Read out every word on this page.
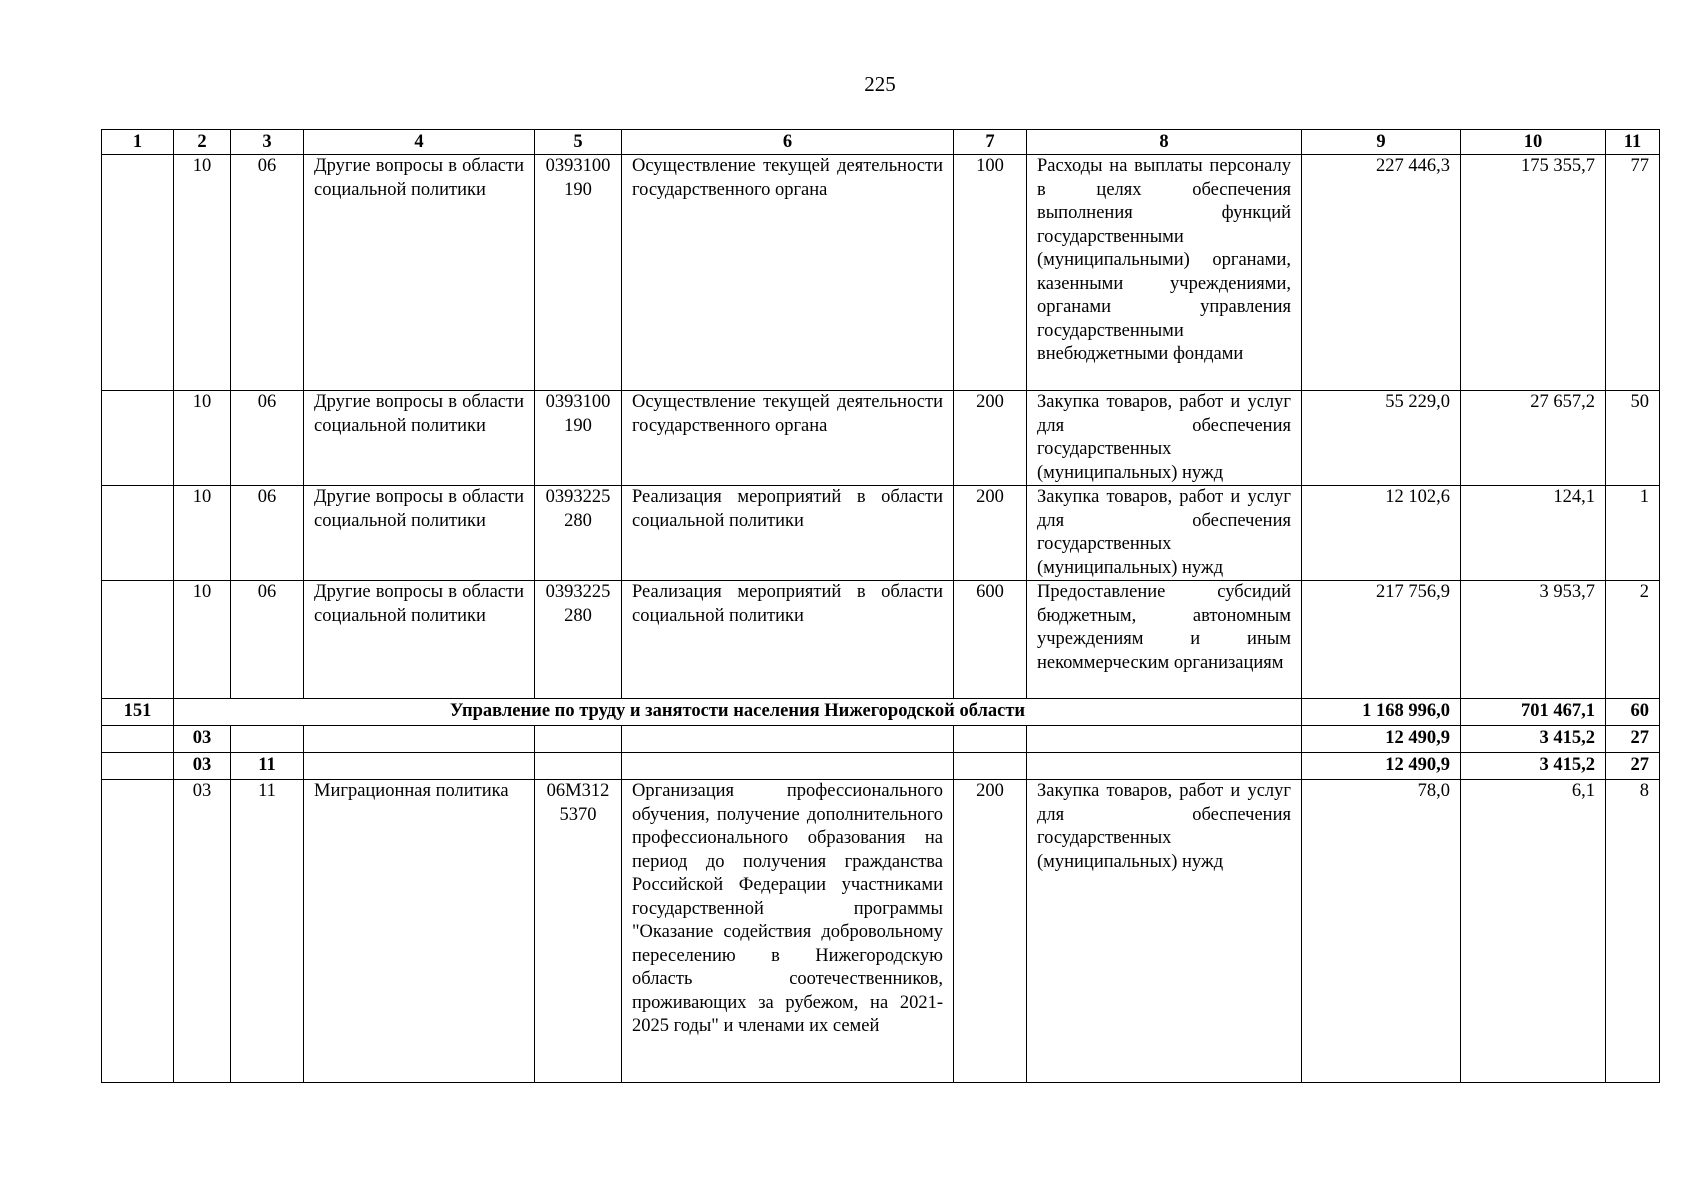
225
1	2	3	4	5	6	7	8	9	10	11
	10	06	Другие вопросы в области социальной политики	0393100190	Осуществление текущей деятельности государственного органа	100	Расходы на выплаты персоналу в целях обеспечения выполнения функций государственными (муниципальными) органами, казенными учреждениями, органами управления государственными внебюджетными фондами	227 446,3	175 355,7	77
	10	06	Другие вопросы в области социальной политики	0393100190	Осуществление текущей деятельности государственного органа	200	Закупка товаров, работ и услуг для обеспечения государственных (муниципальных) нужд	55 229,0	27 657,2	50
	10	06	Другие вопросы в области социальной политики	0393225280	Реализация мероприятий в области социальной политики	200	Закупка товаров, работ и услуг для обеспечения государственных (муниципальных) нужд	12 102,6	124,1	1
	10	06	Другие вопросы в области социальной политики	0393225280	Реализация мероприятий в области социальной политики	600	Предоставление субсидий бюджетным, автономным учреждениям и иным некоммерческим организациям	217 756,9	3 953,7	2
151	Управление по труду и занятости населения Нижегородской области							1 168 996,0	701 467,1	60
	03							12 490,9	3 415,2	27
	03	11						12 490,9	3 415,2	27
	03	11	Миграционная политика	06М3125370	Организация профессионального обучения, получение дополнительного профессионального образования на период до получения гражданства Российской Федерации участниками государственной программы "Оказание содействия добровольному переселению в Нижегородскую область соотечественников, проживающих за рубежом, на 2021-2025 годы" и членами их семей	200	Закупка товаров, работ и услуг для обеспечения государственных (муниципальных) нужд	78,0	6,1	8
